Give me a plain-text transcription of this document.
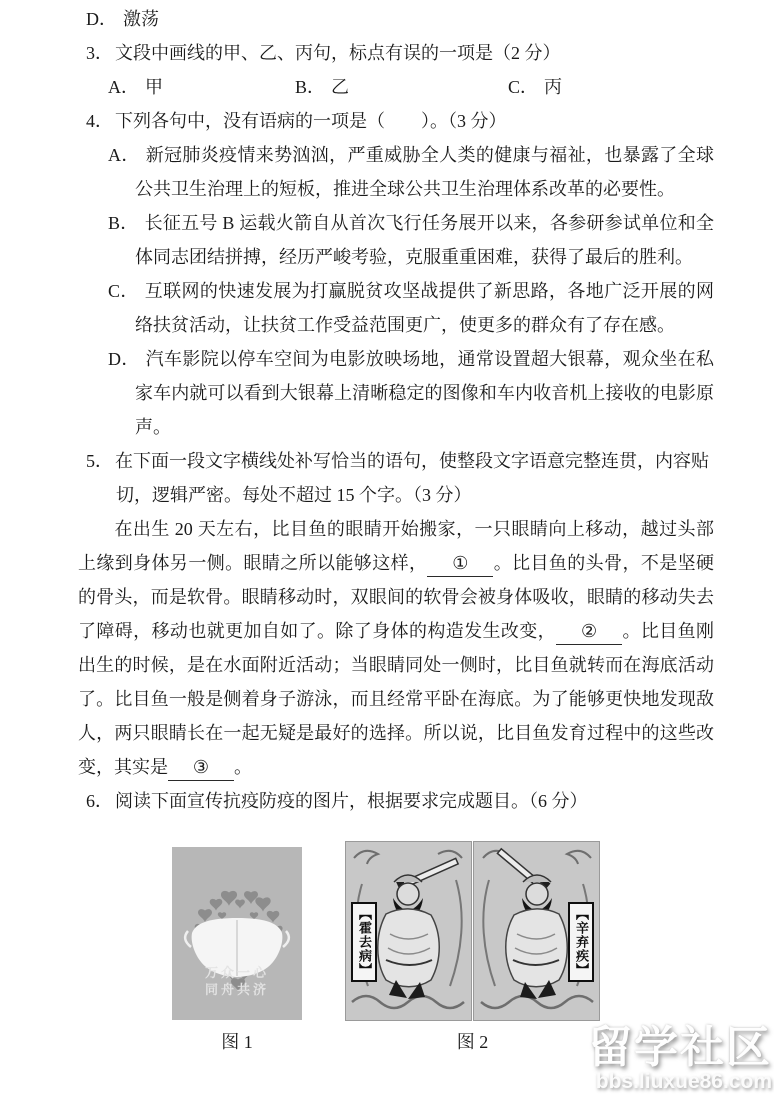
D． 激荡
3． 文段中画线的甲、乙、丙句，标点有误的一项是（2 分）
A． 甲	B． 乙	C． 丙
4． 下列各句中，没有语病的一项是（　　）。（3 分）
A． 新冠肺炎疫情来势汹汹，严重威胁全人类的健康与福祉，也暴露了全球公共卫生治理上的短板，推进全球公共卫生治理体系改革的必要性。
B． 长征五号 B 运载火箭自从首次飞行任务展开以来，各参研参试单位和全体同志团结拼搏，经历严峻考验，克服重重困难，获得了最后的胜利。
C． 互联网的快速发展为打赢脱贫攻坚战提供了新思路，各地广泛开展的网络扶贫活动，让扶贫工作受益范围更广，使更多的群众有了存在感。
D． 汽车影院以停车空间为电影放映场地，通常设置超大银幕，观众坐在私家车内就可以看到大银幕上清晰稳定的图像和车内收音机上接收的电影原声。
5． 在下面一段文字横线处补写恰当的语句，使整段文字语意完整连贯，内容贴切，逻辑严密。每处不超过 15 个字。（3 分）
在出生 20 天左右，比目鱼的眼睛开始搬家，一只眼睛向上移动，越过头部上缘到身体另一侧。眼睛之所以能够这样， ① 。比目鱼的头骨，不是坚硬的骨头，而是软骨。眼睛移动时，双眼间的软骨会被身体吸收，眼睛的移动失去了障碍，移动也就更加自如了。除了身体的构造发生改变， ② 。比目鱼刚出生的时候，是在水面附近活动；当眼睛同处一侧时，比目鱼就转而在海底活动了。比目鱼一般是侧着身子游泳，而且经常平卧在海底。为了能够更快地发现敌人，两只眼睛长在一起无疑是最好的选择。所以说，比目鱼发育过程中的这些改变，其实是 ③ 。
6． 阅读下面宣传抗疫防疫的图片，根据要求完成题目。（6 分）
万众一心
同舟共济
图 1
【霍去病】	【辛弃疾】
图 2 留学社区
bbs.liuxue86.com
